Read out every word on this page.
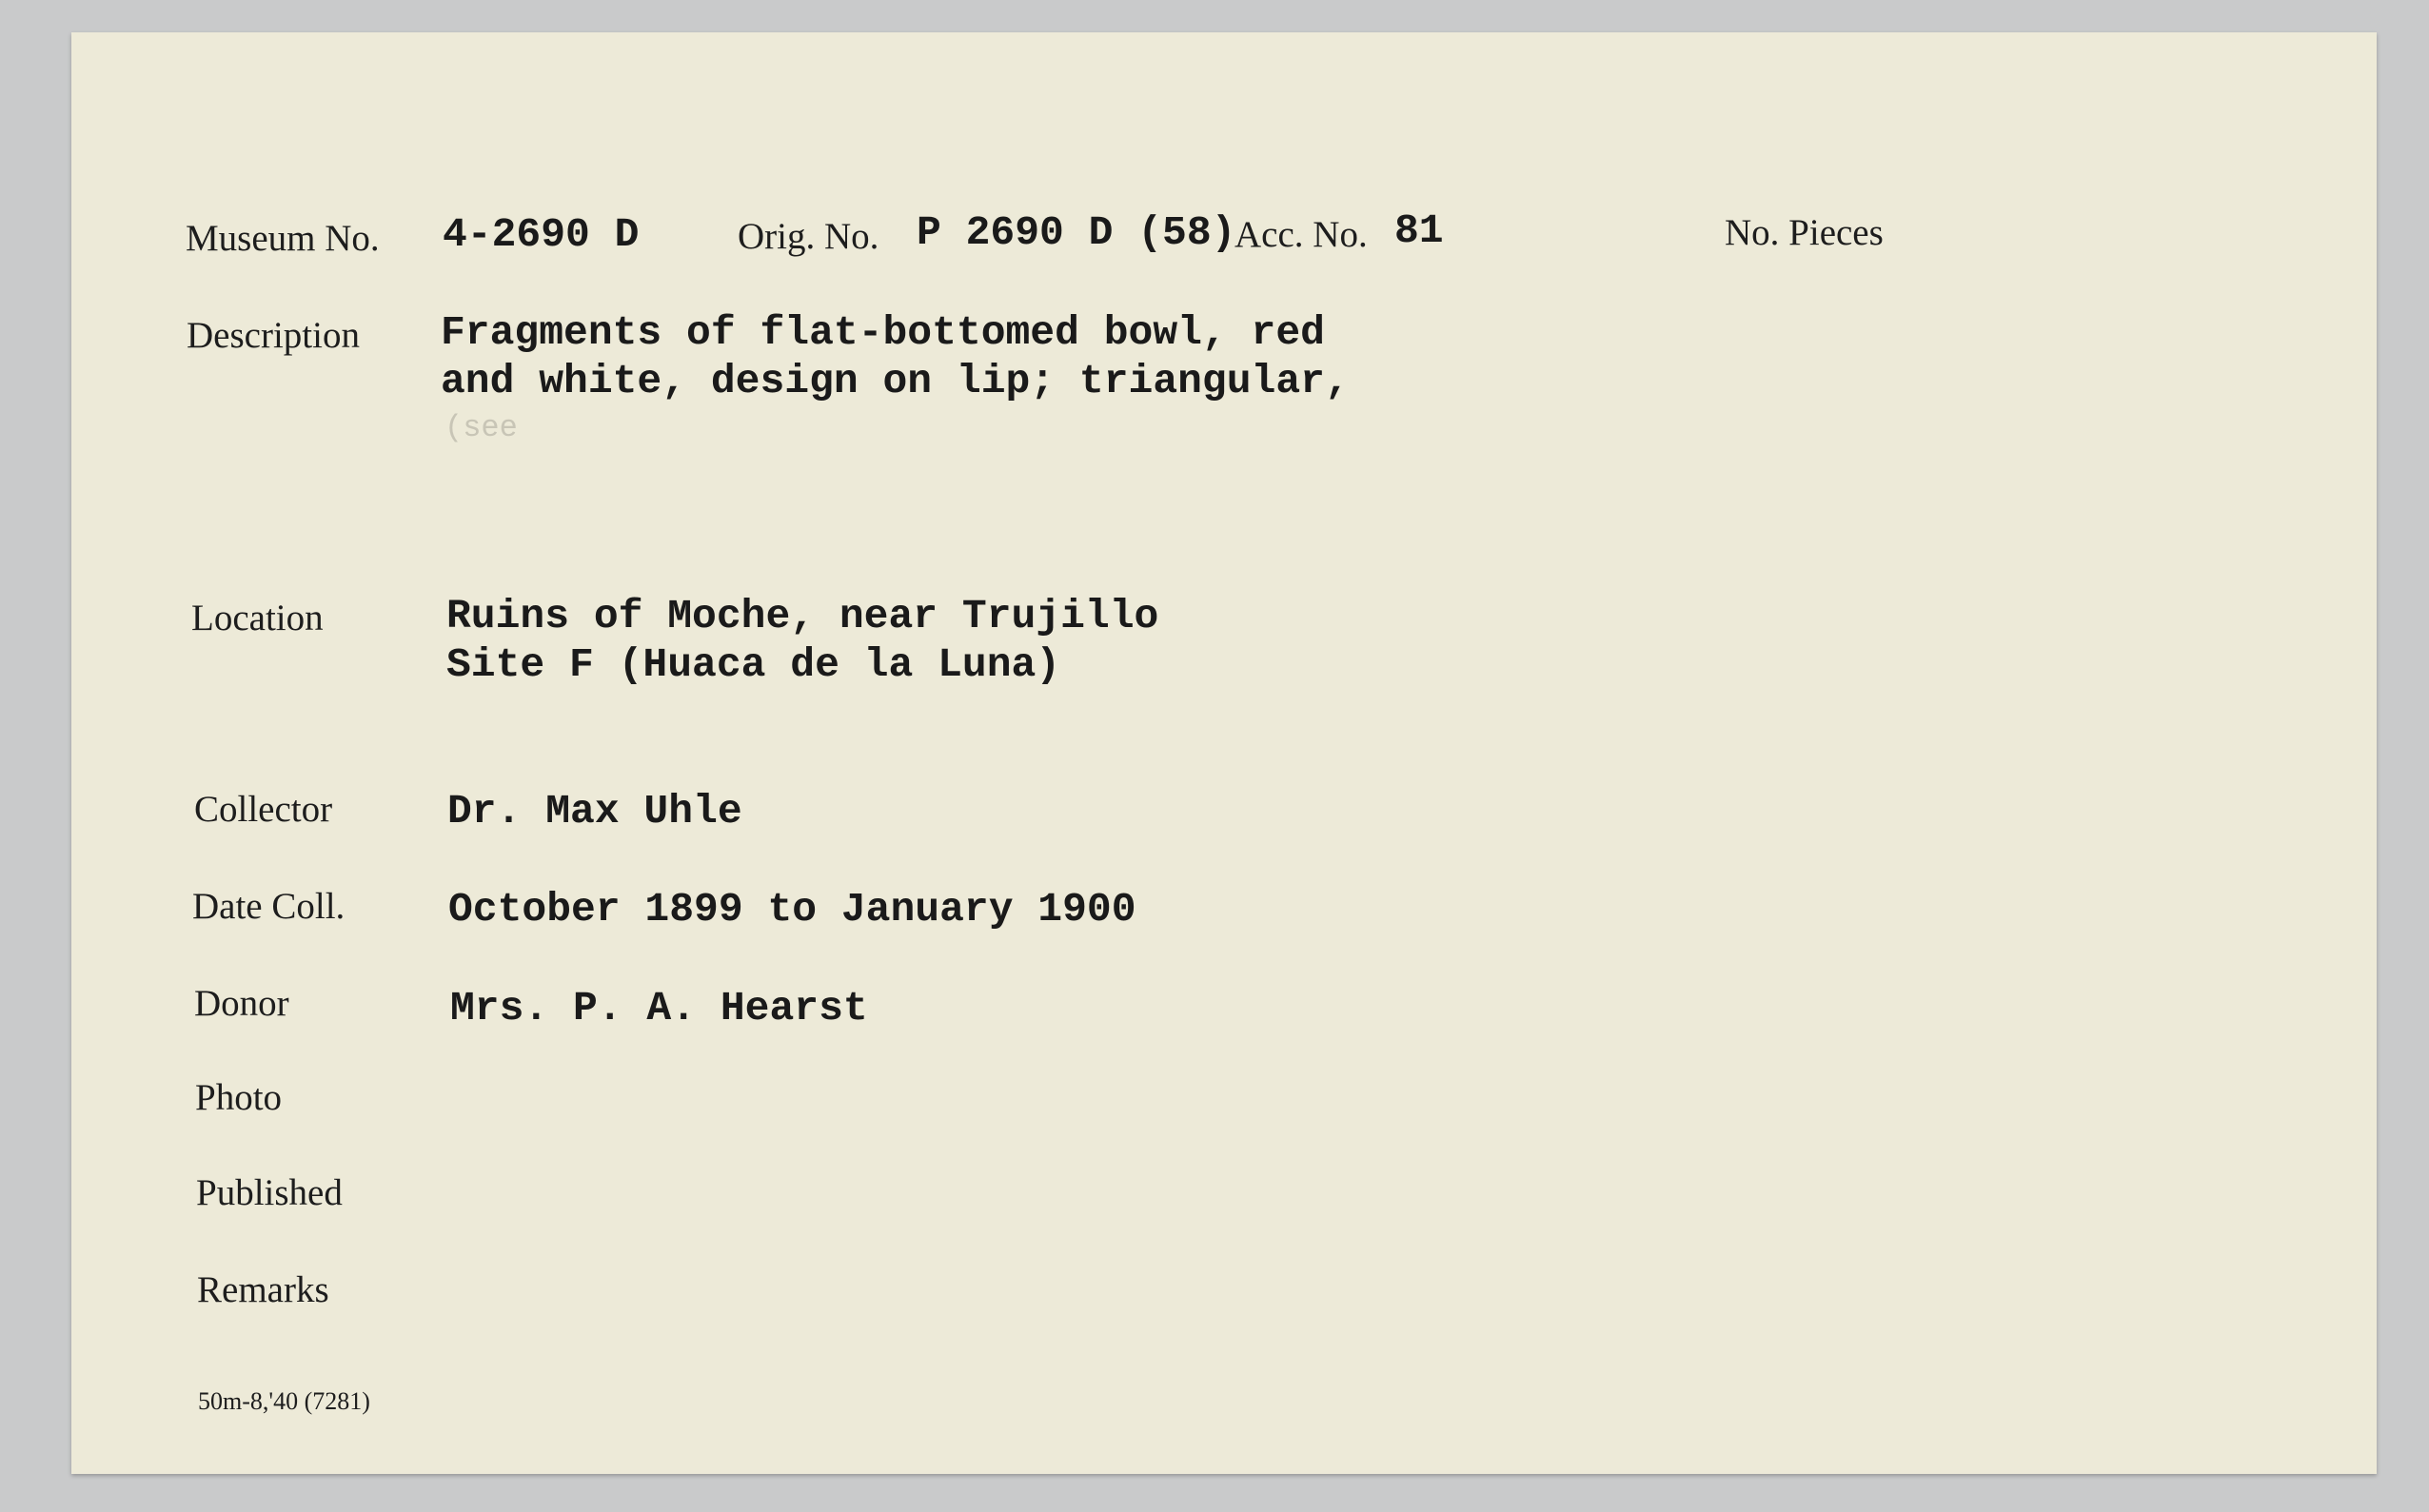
Museum No. 4-2690 D	Orig. No. P 2690 D (58)
Acc. No. 81	No. Pieces
Description Fragments of flat-bottomed bowl, red
and white, design on lip; triangular,
(see
Location	Ruins of Moche, near Trujillo
Site F (Huaca de la Luna)
Collector	Dr. Max Uhle
Date Coll.	October 1899 to January 1900
Donor	Mrs. P. A. Hearst
Photo
Published
Remarks
50m-8,'40 (7281)
